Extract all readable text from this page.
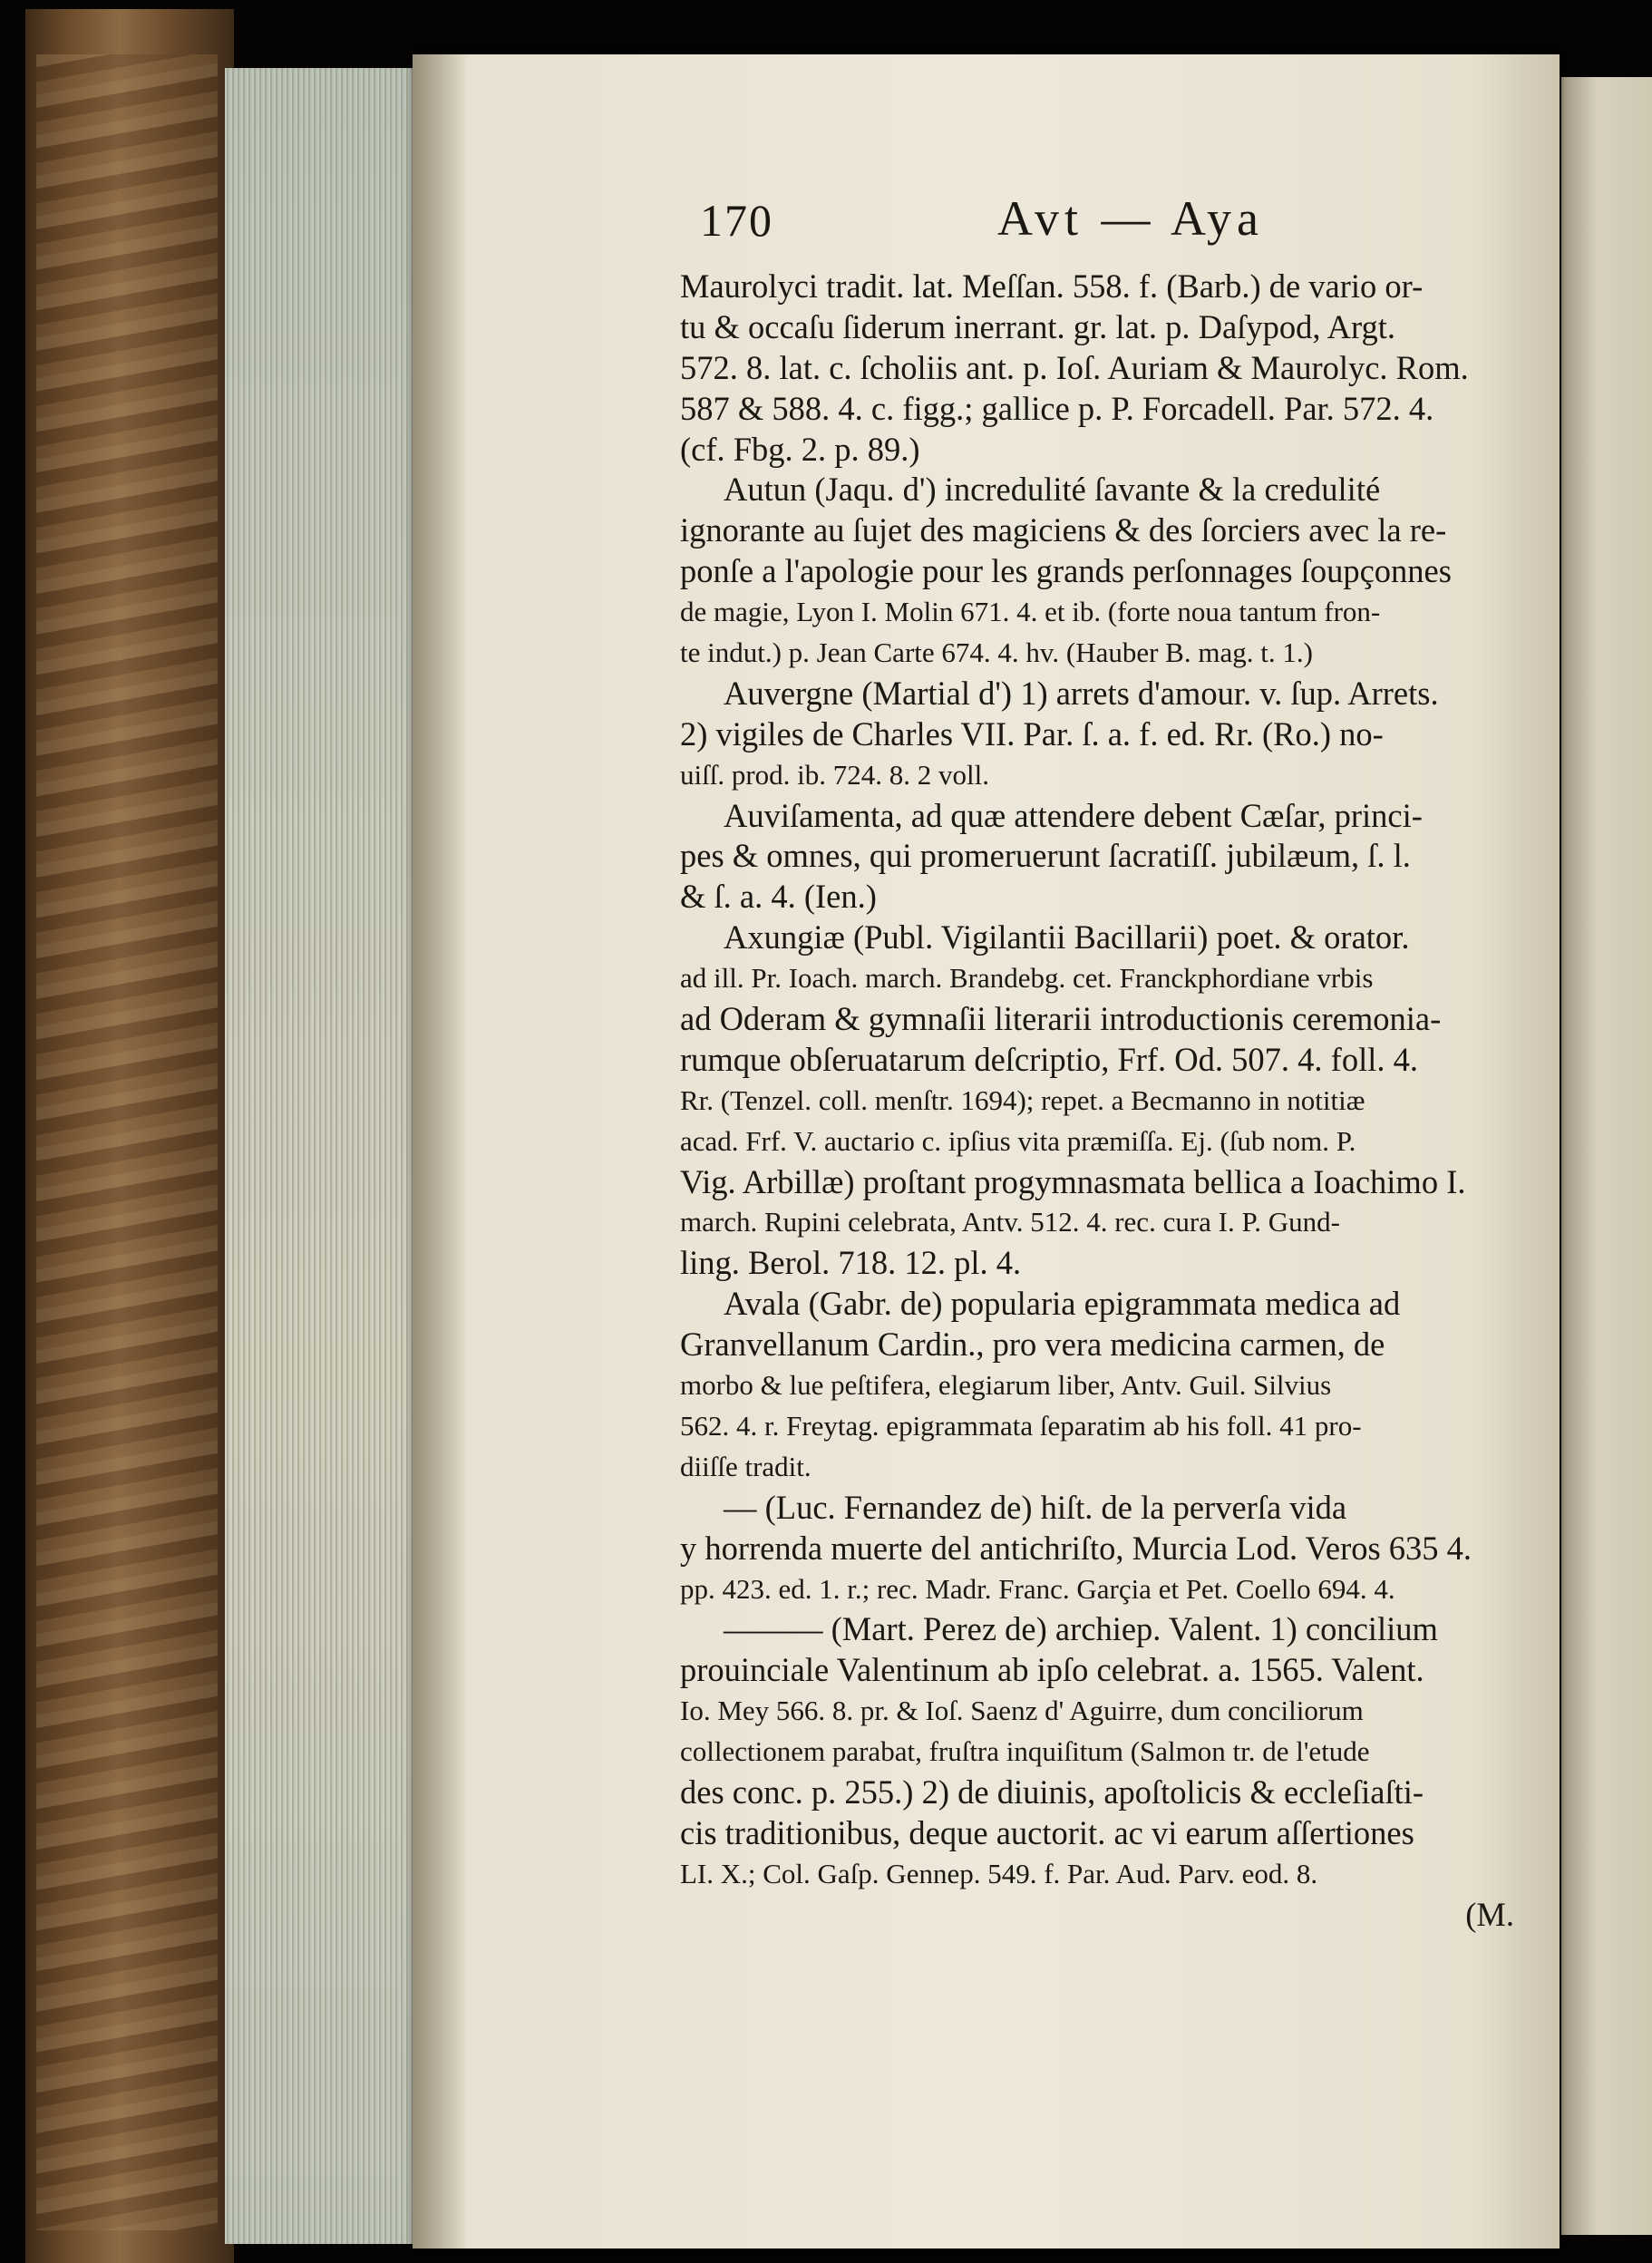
170	Avt — Aya
Maurolyci tradit. lat. Meſſan. 558. f. (Barb.) de vario or-
tu & occaſu ſiderum inerrant. gr. lat. p. Daſypod, Argt.
572. 8. lat. c. ſcholiis ant. p. Ioſ. Auriam & Maurolyc. Rom.
587 & 588. 4. c. figg.; gallice p. P. Forcadell. Par. 572. 4.
(cf. Fbg. 2. p. 89.)
Autun (Jaqu. d') incredulité ſavante & la credulité
ignorante au ſujet des magiciens & des ſorciers avec la re-
ponſe a l'apologie pour les grands perſonnages ſoupçonnes
de magie, Lyon I. Molin 671. 4. et ib. (forte noua tantum fron-
te indut.) p. Jean Carte 674. 4. hv. (Hauber B. mag. t. 1.)
Auvergne (Martial d') 1) arrets d'amour. v. ſup. Arrets.
2) vigiles de Charles VII. Par. ſ. a. f. ed. Rr. (Ro.) no-
uiſſ. prod. ib. 724. 8. 2 voll.
Auviſamenta, ad quæ attendere debent Cæſar, princi-
pes & omnes, qui promeruerunt ſacratiſſ. jubilæum, ſ. l.
& ſ. a. 4. (Ien.)
Axungiæ (Publ. Vigilantii Bacillarii) poet. & orator.
ad ill. Pr. Ioach. march. Brandebg. cet. Franckphordiane vrbis
ad Oderam & gymnaſii literarii introductionis ceremonia-
rumque obſeruatarum deſcriptio, Frf. Od. 507. 4. foll. 4.
Rr. (Tenzel. coll. menſtr. 1694); repet. a Becmanno in notitiæ
acad. Frf. V. auctario c. ipſius vita præmiſſa. Ej. (ſub nom. P.
Vig. Arbillæ) proſtant progymnasmata bellica a Ioachimo I.
march. Rupini celebrata, Antv. 512. 4. rec. cura I. P. Gund-
ling. Berol. 718. 12. pl. 4.
Avala (Gabr. de) popularia epigrammata medica ad
Granvellanum Cardin., pro vera medicina carmen, de
morbo & lue peſtifera, elegiarum liber, Antv. Guil. Silvius
562. 4. r. Freytag. epigrammata ſeparatim ab his foll. 41 pro-
diiſſe tradit.
— (Luc. Fernandez de) hiſt. de la perverſa vida
y horrenda muerte del antichriſto, Murcia Lod. Veros 635 4.
pp. 423. ed. 1. r.; rec. Madr. Franc. Garçia et Pet. Coello 694. 4.
——— (Mart. Perez de) archiep. Valent. 1) concilium
prouinciale Valentinum ab ipſo celebrat. a. 1565. Valent.
Io. Mey 566. 8. pr. & Ioſ. Saenz d' Aguirre, dum conciliorum
collectionem parabat, fruſtra inquiſitum (Salmon tr. de l'etude
des conc. p. 255.) 2) de diuinis, apoſtolicis & eccleſiaſti-
cis traditionibus, deque auctorit. ac vi earum aſſertiones
LI. X.; Col. Gaſp. Gennep. 549. f. Par. Aud. Parv. eod. 8.
(M.
